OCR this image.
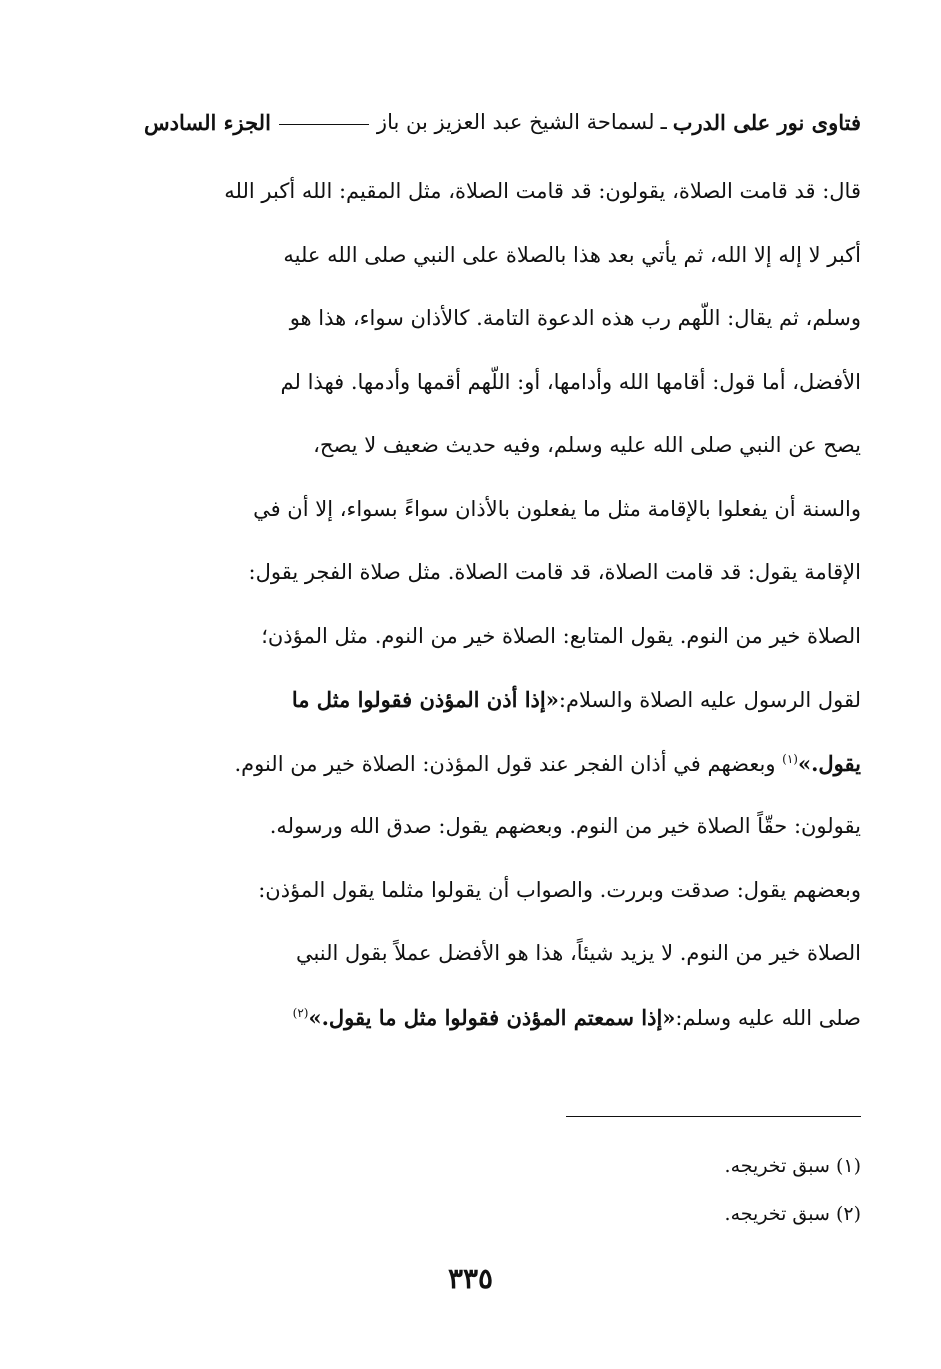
فتاوى نور على الدرب
ـ
لسماحة الشيخ عبد العزيز بن باز
الجزء السادس
قال: قد قامت الصلاة، يقولون: قد قامت الصلاة، مثل المقيم: الله أكبر الله
أكبر لا إله إلا الله، ثم يأتي بعد هذا بالصلاة على النبي صلى الله عليه
وسلم، ثم يقال: اللّهم رب هذه الدعوة التامة. كالأذان سواء، هذا هو
الأفضل، أما قول: أقامها الله وأدامها، أو: اللّهم أقمها وأدمها. فهذا لم
يصح عن النبي صلى الله عليه وسلم، وفيه حديث ضعيف لا يصح،
والسنة أن يفعلوا بالإقامة مثل ما يفعلون بالأذان سواءً بسواء، إلا أن في
الإقامة يقول: قد قامت الصلاة، قد قامت الصلاة. مثل صلاة الفجر يقول:
الصلاة خير من النوم. يقول المتابع: الصلاة خير من النوم. مثل المؤذن؛
لقول الرسول عليه الصلاة والسلام:«إذا أذن المؤذن فقولوا مثل ما
يقول.»$^{(١)}$ وبعضهم في أذان الفجر عند قول المؤذن: الصلاة خير من النوم.
يقولون: حقّاً الصلاة خير من النوم. وبعضهم يقول: صدق الله ورسوله.
وبعضهم يقول: صدقت وبررت. والصواب أن يقولوا مثلما يقول المؤذن:
الصلاة خير من النوم. لا يزيد شيئاً، هذا هو الأفضل عملاً بقول النبي
صلى الله عليه وسلم:«إذا سمعتم المؤذن فقولوا مثل ما يقول.»$^{(٢)}$
(١) سبق تخريجه.
(٢) سبق تخريجه.
٣٣٥
